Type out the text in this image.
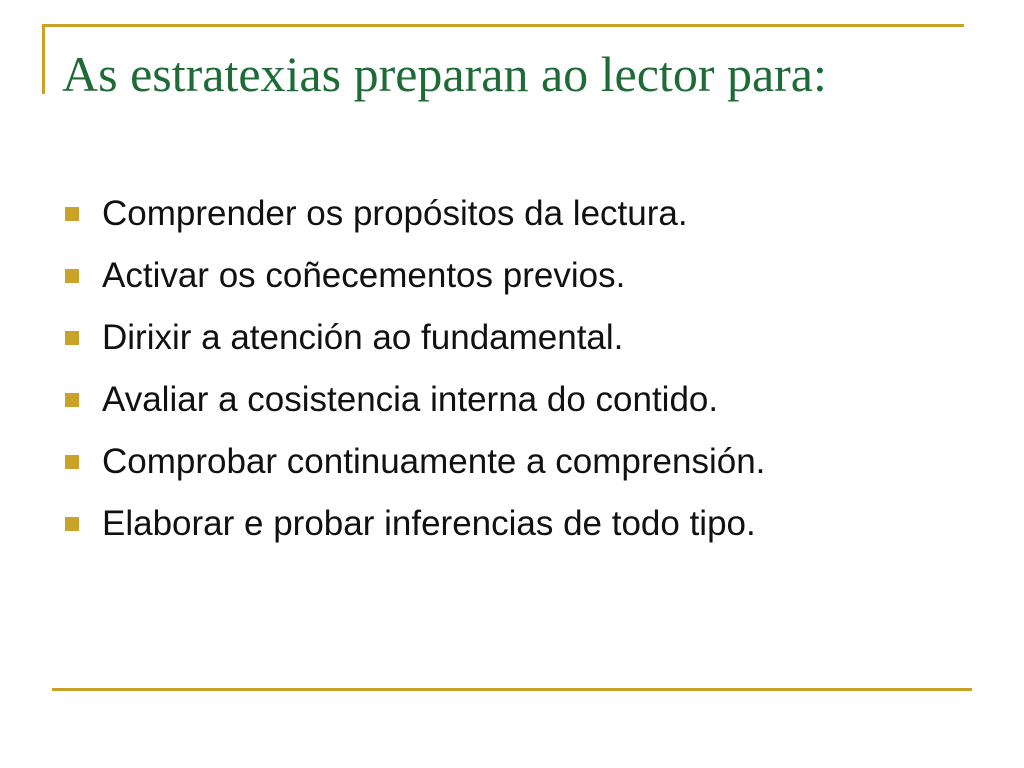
As estratexias preparan ao lector para:
Comprender os propósitos da lectura.
Activar os coñecementos previos.
Dirixir a atención ao fundamental.
Avaliar a cosistencia interna do contido.
Comprobar continuamente a comprensión.
Elaborar e probar inferencias de todo tipo.
